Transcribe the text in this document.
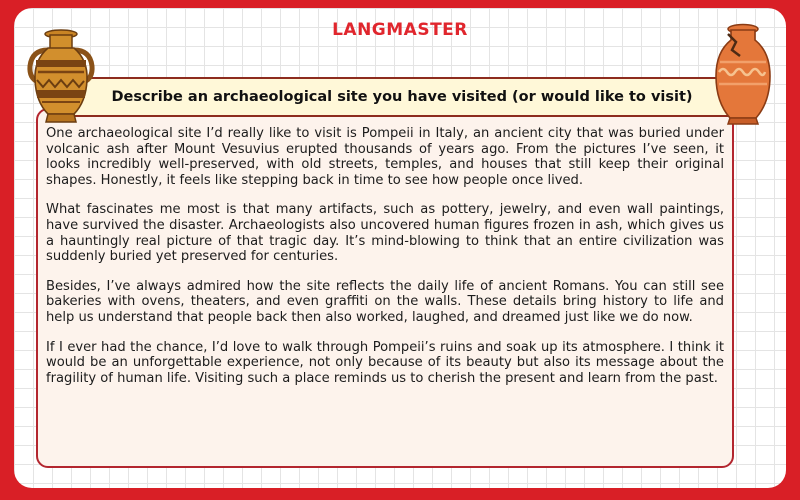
LANGMASTER
Describe an archaeological site you have visited (or would like to visit)

One archaeological site I’d really like to visit is Pompeii in Italy, an ancient city that was buried under volcanic ash after Mount Vesuvius erupted thousands of years ago. From the pictures I’ve seen, it looks incredibly well-preserved, with old streets, temples, and houses that still keep their original shapes. Honestly, it feels like stepping back in time to see how people once lived.

What fascinates me most is that many artifacts, such as pottery, jewelry, and even wall paintings, have survived the disaster. Archaeologists also uncovered human figures frozen in ash, which gives us a hauntingly real picture of that tragic day. It’s mind-blowing to think that an entire civilization was suddenly buried yet preserved for centuries.

Besides, I’ve always admired how the site reflects the daily life of ancient Romans. You can still see bakeries with ovens, theaters, and even graffiti on the walls. These details bring history to life and help us understand that people back then also worked, laughed, and dreamed just like we do now.

If I ever had the chance, I’d love to walk through Pompeii’s ruins and soak up its atmosphere. I think it would be an unforgettable experience, not only because of its beauty but also its message about the fragility of human life. Visiting such a place reminds us to cherish the present and learn from the past.
